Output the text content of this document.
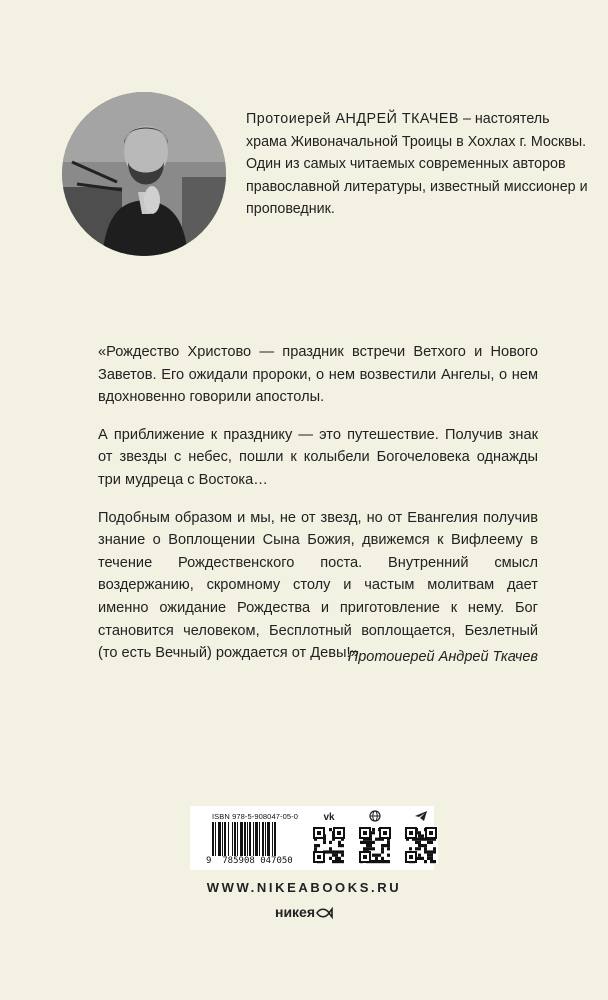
Протоиерей АНДРЕЙ ТКАЧЕВ – настоятель храма Живоначальной Троицы в Хохлах г. Москвы. Один из самых читаемых современных авторов православной литературы, известный миссионер и проповедник.

«Рождество Христово — праздник встречи Ветхого и Нового Заветов. Его ожидали пророки, о нем возвестили Ангелы, о нем вдохновенно говорили апостолы.

А приближение к празднику — это путешествие. Получив знак от звезды с небес, пошли к колыбели Богочеловека однажды три мудреца с Востока…

Подобным образом и мы, не от звезд, но от Евангелия получив знание о Воплощении Сына Божия, движемся к Вифлеему в течение Рождественского поста. Внутренний смысл воздержанию, скромному столу и частым молитвам дает именно ожидание Рождества и приготовление к нему. Бог становится человеком, Бесплотный воплощается, Безлетный (то есть Вечный) рождается от Девы!»

Протоиерей Андрей Ткачев
ISBN 978-5-908047-05-0
9 785908 047050
vk
WWW.NIKEABOOKS.RU
никея
